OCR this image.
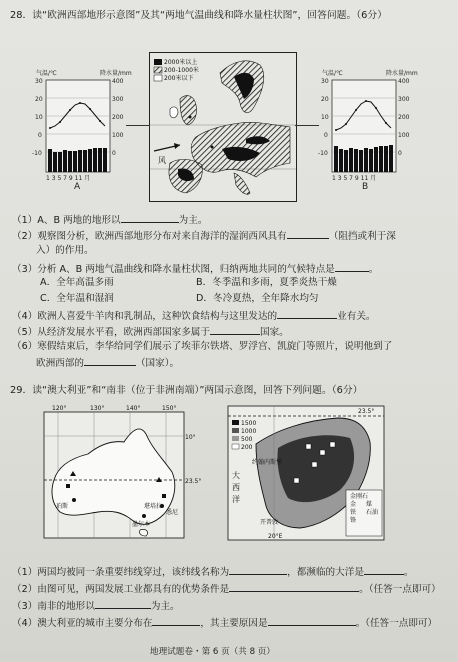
28．读“欧洲西部地形示意图”及其“两地气温曲线和降水量柱状图”，回答问题。（6分）
气温/℃	降水量/mm
30
20
10
0
-10
400
300
200
100
0
1 3 5 7 9 11 月
A
2000米以上
200-1000米
200米以下
风
气温/℃	降水量/mm
30
20
10
0
-10
400
300
200
100
0
1 3 5 7 9 11 月
B
（1）A、B 两地的地形以	为主。
（2）观察图分析，欧洲西部地形分布对来自海洋的湿润西风具有	（阻挡或利于深
入）的作用。
（3）分析 A、B 两地气温曲线和降水量柱状图，归纳两地共同的气候特点是	。
A．全年高温多雨	B．冬季温和多雨，夏季炎热干燥
C．全年温和湿润	D．冬冷夏热，全年降水均匀
（4）欧洲人喜爱牛羊肉和乳制品，这种饮食结构与这里发达的	业有关。
（5）从经济发展水平看，欧洲西部国家多属于	国家。
（6）寒假结束后，李华给同学们展示了埃菲尔铁塔、罗浮宫、凯旋门等照片，说明他到了
欧洲西部的	（国家）。
29．读“澳大利亚”和“南非（位于非洲南端）”两国示意图，回答下列问题。（6分）
120°	130°	140°	150°
10°
23.5°
珀斯
墨尔本
悉尼
堪培拉
23.5°
1500
1000
500
200
金刚石
金 煤
铁 石油
铬
大
西
洋
约翰内斯堡
开普敦
20°E
（1）两国均被同一条重要纬线穿过，该纬线名称为	，都濒临的大洋是	。
（2）由图可见，两国发展工业都具有的优势条件是	。（任答一点即可）
（3）南非的地形以	为主。
（4）澳大利亚的城市主要分布在	，其主要原因是	。（任答一点即可）
地理试题卷・第 6 页（共 8 页）
